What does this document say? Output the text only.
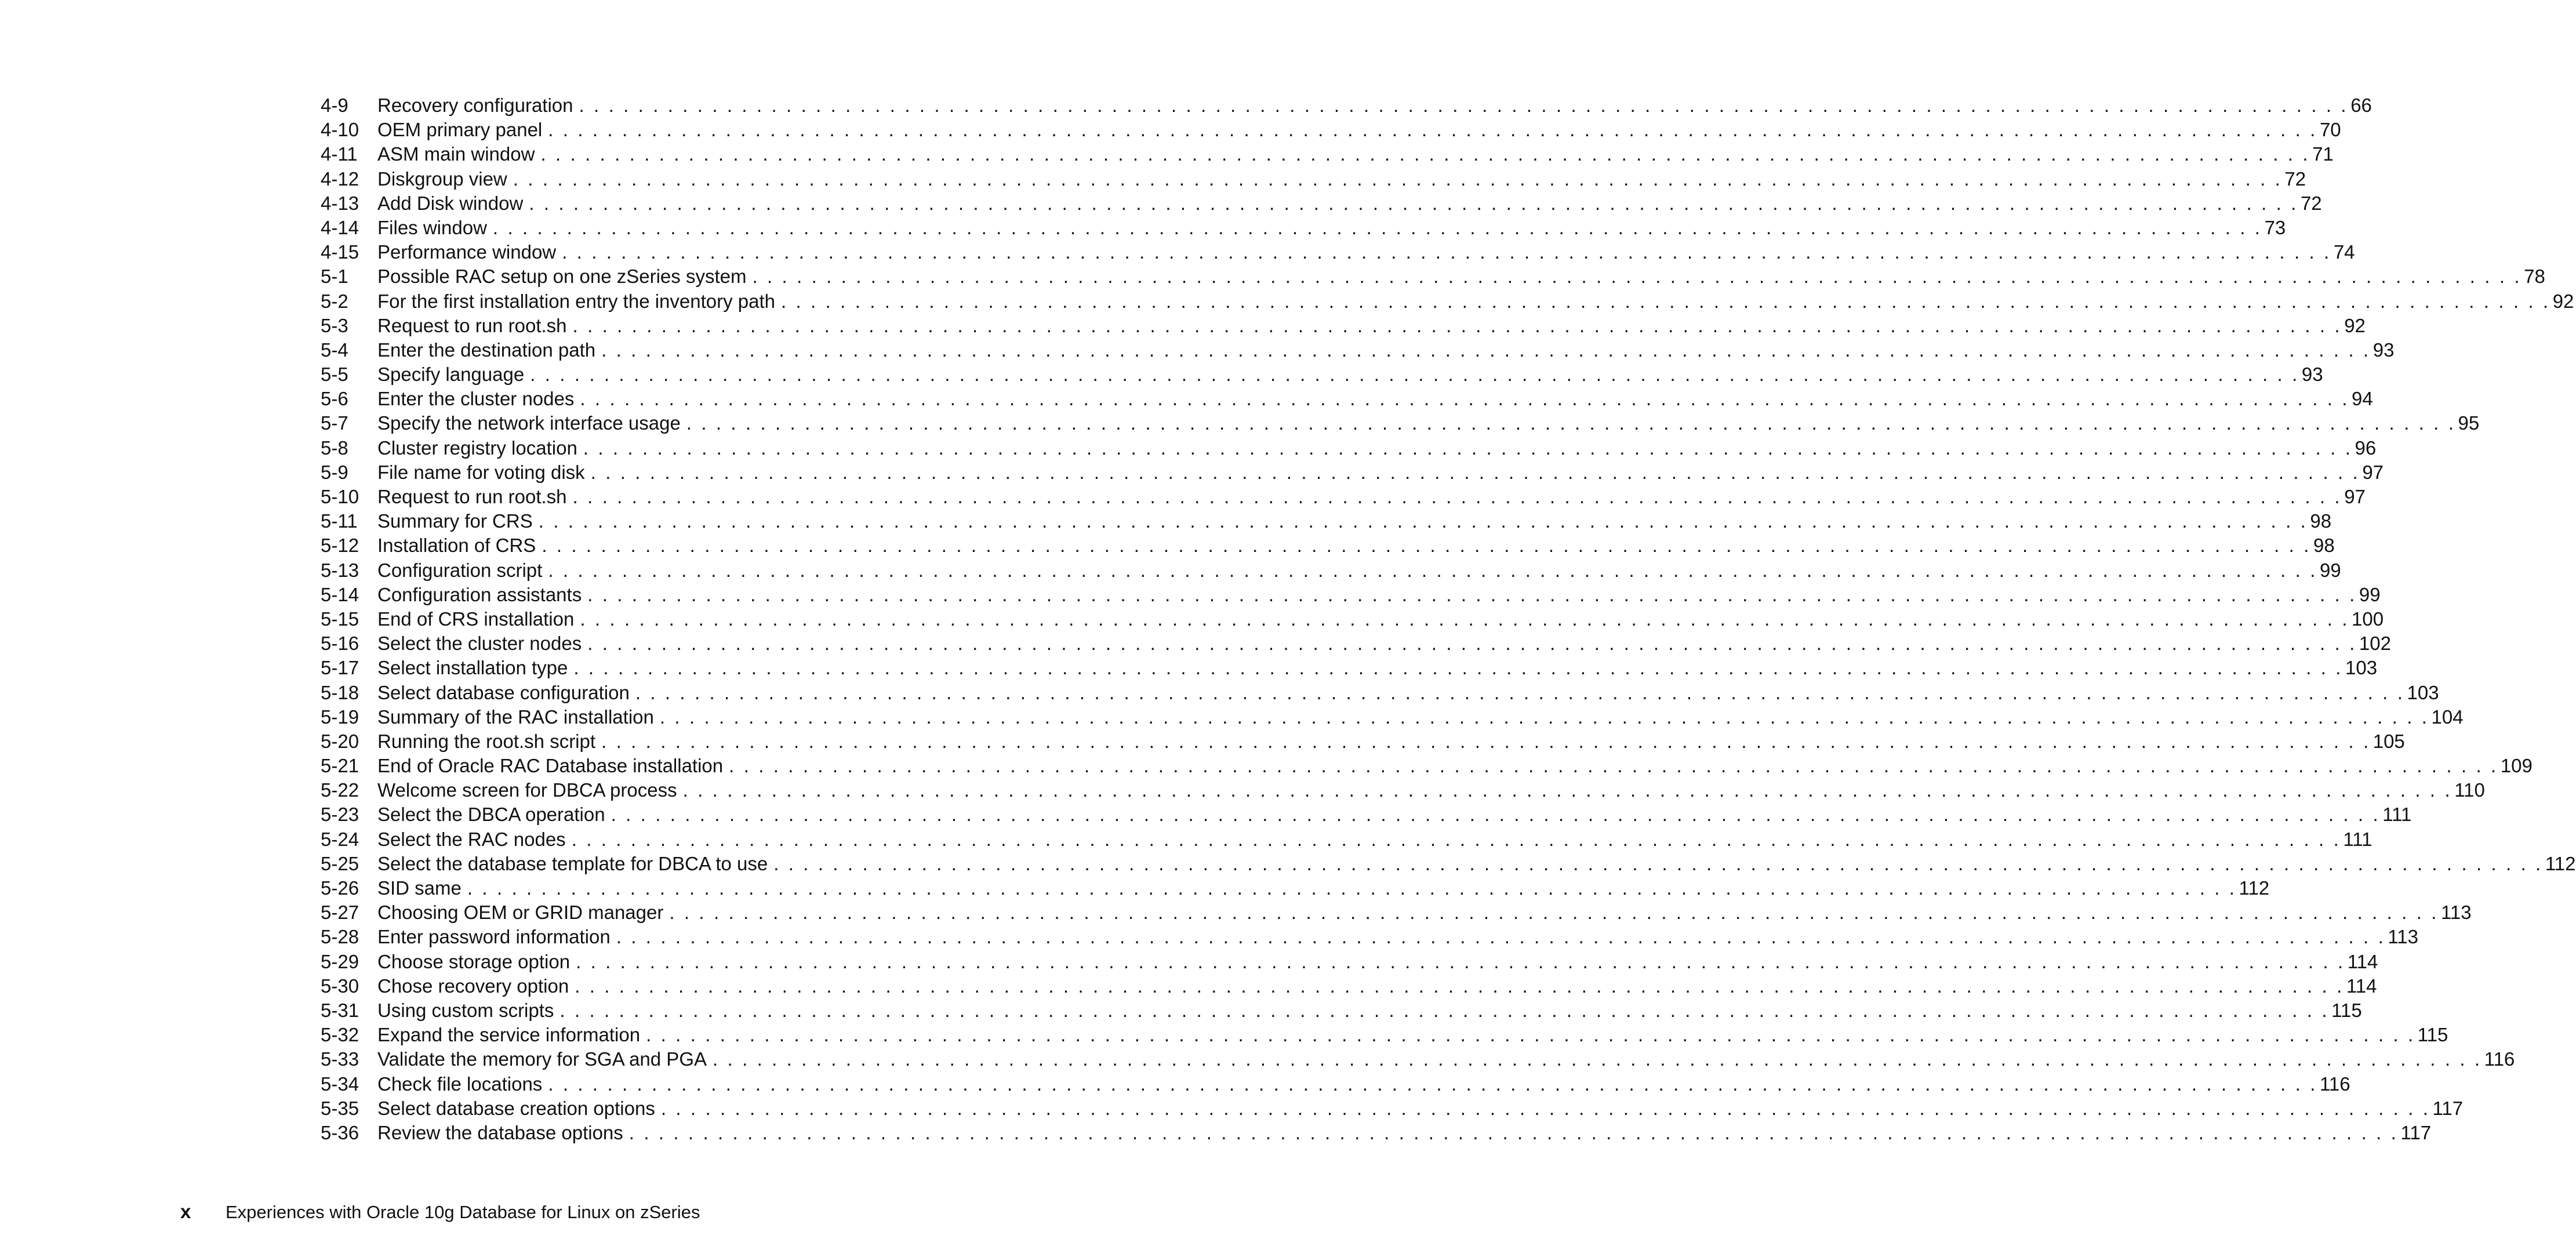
4-9	Recovery configuration . . . . . . . . . . . . . . . . . . . . . . . . . . . . . . . . . . . . . . . . . . . . . . . . . . . . . . . . . . . . . . . . . . . . . . . . . . . . . . . . . . . . . . . . . . . . . . . . . . . . . . . . . . . . . . . . . . . . . . . . 66
4-10 OEM primary panel . . . . . . . . . . . . . . . . . . . . . . . . . . . . . . . . . . . . . . . . . . . . . . . . . . . . . . . . . . . . . . . . . . . . . . . . . . . . . . . . . . . . . . . . . . . . . . . . . . . . . . . . . . . . . . . . . . . . . . . . 70
4-11	ASM main window . . . . . . . . . . . . . . . . . . . . . . . . . . . . . . . . . . . . . . . . . . . . . . . . . . . . . . . . . . . . . . . . . . . . . . . . . . . . . . . . . . . . . . . . . . . . . . . . . . . . . . . . . . . . . . . . . . . . . . . . 71
4-12 Diskgroup view . . . . . . . . . . . . . . . . . . . . . . . . . . . . . . . . . . . . . . . . . . . . . . . . . . . . . . . . . . . . . . . . . . . . . . . . . . . . . . . . . . . . . . . . . . . . . . . . . . . . . . . . . . . . . . . . . . . . . . . . 72
4-13 Add Disk window . . . . . . . . . . . . . . . . . . . . . . . . . . . . . . . . . . . . . . . . . . . . . . . . . . . . . . . . . . . . . . . . . . . . . . . . . . . . . . . . . . . . . . . . . . . . . . . . . . . . . . . . . . . . . . . . . . . . . . . . 72
4-14 Files window . . . . . . . . . . . . . . . . . . . . . . . . . . . . . . . . . . . . . . . . . . . . . . . . . . . . . . . . . . . . . . . . . . . . . . . . . . . . . . . . . . . . . . . . . . . . . . . . . . . . . . . . . . . . . . . . . . . . . . . . 73
4-15 Performance window . . . . . . . . . . . . . . . . . . . . . . . . . . . . . . . . . . . . . . . . . . . . . . . . . . . . . . . . . . . . . . . . . . . . . . . . . . . . . . . . . . . . . . . . . . . . . . . . . . . . . . . . . . . . . . . . . . . . . . . . 74
5-1	Possible RAC setup on one zSeries system . . . . . . . . . . . . . . . . . . . . . . . . . . . . . . . . . . . . . . . . . . . . . . . . . . . . . . . . . . . . . . . . . . . . . . . . . . . . . . . . . . . . . . . . . . . . . . . . . . . . . . . . . . . . . . . . . . . . . . . . 78
5-2	For the first installation entry the inventory path . . . . . . . . . . . . . . . . . . . . . . . . . . . . . . . . . . . . . . . . . . . . . . . . . . . . . . . . . . . . . . . . . . . . . . . . . . . . . . . . . . . . . . . . . . . . . . . . . . . . . . . . . . . . . . . . . . . . . . . . 92
5-3	Request to run root.sh . . . . . . . . . . . . . . . . . . . . . . . . . . . . . . . . . . . . . . . . . . . . . . . . . . . . . . . . . . . . . . . . . . . . . . . . . . . . . . . . . . . . . . . . . . . . . . . . . . . . . . . . . . . . . . . . . . . . . . . . 92
5-4	Enter the destination path . . . . . . . . . . . . . . . . . . . . . . . . . . . . . . . . . . . . . . . . . . . . . . . . . . . . . . . . . . . . . . . . . . . . . . . . . . . . . . . . . . . . . . . . . . . . . . . . . . . . . . . . . . . . . . . . . . . . . . . . 93
5-5	Specify language . . . . . . . . . . . . . . . . . . . . . . . . . . . . . . . . . . . . . . . . . . . . . . . . . . . . . . . . . . . . . . . . . . . . . . . . . . . . . . . . . . . . . . . . . . . . . . . . . . . . . . . . . . . . . . . . . . . . . . . . 93
5-6	Enter the cluster nodes . . . . . . . . . . . . . . . . . . . . . . . . . . . . . . . . . . . . . . . . . . . . . . . . . . . . . . . . . . . . . . . . . . . . . . . . . . . . . . . . . . . . . . . . . . . . . . . . . . . . . . . . . . . . . . . . . . . . . . . . 94
5-7	Specify the network interface usage . . . . . . . . . . . . . . . . . . . . . . . . . . . . . . . . . . . . . . . . . . . . . . . . . . . . . . . . . . . . . . . . . . . . . . . . . . . . . . . . . . . . . . . . . . . . . . . . . . . . . . . . . . . . . . . . . . . . . . . . 95
5-8	Cluster registry location . . . . . . . . . . . . . . . . . . . . . . . . . . . . . . . . . . . . . . . . . . . . . . . . . . . . . . . . . . . . . . . . . . . . . . . . . . . . . . . . . . . . . . . . . . . . . . . . . . . . . . . . . . . . . . . . . . . . . . . . 96
5-9	File name for voting disk . . . . . . . . . . . . . . . . . . . . . . . . . . . . . . . . . . . . . . . . . . . . . . . . . . . . . . . . . . . . . . . . . . . . . . . . . . . . . . . . . . . . . . . . . . . . . . . . . . . . . . . . . . . . . . . . . . . . . . . . 97
5-10 Request to run root.sh . . . . . . . . . . . . . . . . . . . . . . . . . . . . . . . . . . . . . . . . . . . . . . . . . . . . . . . . . . . . . . . . . . . . . . . . . . . . . . . . . . . . . . . . . . . . . . . . . . . . . . . . . . . . . . . . . . . . . . . . 97
5-11	Summary for CRS . . . . . . . . . . . . . . . . . . . . . . . . . . . . . . . . . . . . . . . . . . . . . . . . . . . . . . . . . . . . . . . . . . . . . . . . . . . . . . . . . . . . . . . . . . . . . . . . . . . . . . . . . . . . . . . . . . . . . . . . 98
5-12 Installation of CRS . . . . . . . . . . . . . . . . . . . . . . . . . . . . . . . . . . . . . . . . . . . . . . . . . . . . . . . . . . . . . . . . . . . . . . . . . . . . . . . . . . . . . . . . . . . . . . . . . . . . . . . . . . . . . . . . . . . . . . . . 98
5-13 Configuration script . . . . . . . . . . . . . . . . . . . . . . . . . . . . . . . . . . . . . . . . . . . . . . . . . . . . . . . . . . . . . . . . . . . . . . . . . . . . . . . . . . . . . . . . . . . . . . . . . . . . . . . . . . . . . . . . . . . . . . . . 99
5-14 Configuration assistants . . . . . . . . . . . . . . . . . . . . . . . . . . . . . . . . . . . . . . . . . . . . . . . . . . . . . . . . . . . . . . . . . . . . . . . . . . . . . . . . . . . . . . . . . . . . . . . . . . . . . . . . . . . . . . . . . . . . . . . . 99
5-15 End of CRS installation . . . . . . . . . . . . . . . . . . . . . . . . . . . . . . . . . . . . . . . . . . . . . . . . . . . . . . . . . . . . . . . . . . . . . . . . . . . . . . . . . . . . . . . . . . . . . . . . . . . . . . . . . . . . . . . . . . . . . . . . 100
5-16 Select the cluster nodes . . . . . . . . . . . . . . . . . . . . . . . . . . . . . . . . . . . . . . . . . . . . . . . . . . . . . . . . . . . . . . . . . . . . . . . . . . . . . . . . . . . . . . . . . . . . . . . . . . . . . . . . . . . . . . . . . . . . . . . . 102
5-17 Select installation type . . . . . . . . . . . . . . . . . . . . . . . . . . . . . . . . . . . . . . . . . . . . . . . . . . . . . . . . . . . . . . . . . . . . . . . . . . . . . . . . . . . . . . . . . . . . . . . . . . . . . . . . . . . . . . . . . . . . . . . . 103
5-18 Select database configuration . . . . . . . . . . . . . . . . . . . . . . . . . . . . . . . . . . . . . . . . . . . . . . . . . . . . . . . . . . . . . . . . . . . . . . . . . . . . . . . . . . . . . . . . . . . . . . . . . . . . . . . . . . . . . . . . . . . . . . . . 103
5-19 Summary of the RAC installation . . . . . . . . . . . . . . . . . . . . . . . . . . . . . . . . . . . . . . . . . . . . . . . . . . . . . . . . . . . . . . . . . . . . . . . . . . . . . . . . . . . . . . . . . . . . . . . . . . . . . . . . . . . . . . . . . . . . . . . . 104
5-20 Running the root.sh script . . . . . . . . . . . . . . . . . . . . . . . . . . . . . . . . . . . . . . . . . . . . . . . . . . . . . . . . . . . . . . . . . . . . . . . . . . . . . . . . . . . . . . . . . . . . . . . . . . . . . . . . . . . . . . . . . . . . . . . . 105
5-21 End of Oracle RAC Database installation . . . . . . . . . . . . . . . . . . . . . . . . . . . . . . . . . . . . . . . . . . . . . . . . . . . . . . . . . . . . . . . . . . . . . . . . . . . . . . . . . . . . . . . . . . . . . . . . . . . . . . . . . . . . . . . . . . . . . . . . 109
5-22 Welcome screen for DBCA process . . . . . . . . . . . . . . . . . . . . . . . . . . . . . . . . . . . . . . . . . . . . . . . . . . . . . . . . . . . . . . . . . . . . . . . . . . . . . . . . . . . . . . . . . . . . . . . . . . . . . . . . . . . . . . . . . . . . . . . . 110
5-23 Select the DBCA operation . . . . . . . . . . . . . . . . . . . . . . . . . . . . . . . . . . . . . . . . . . . . . . . . . . . . . . . . . . . . . . . . . . . . . . . . . . . . . . . . . . . . . . . . . . . . . . . . . . . . . . . . . . . . . . . . . . . . . . . . 111
5-24 Select the RAC nodes . . . . . . . . . . . . . . . . . . . . . . . . . . . . . . . . . . . . . . . . . . . . . . . . . . . . . . . . . . . . . . . . . . . . . . . . . . . . . . . . . . . . . . . . . . . . . . . . . . . . . . . . . . . . . . . . . . . . . . . . 111
5-25 Select the database template for DBCA to use . . . . . . . . . . . . . . . . . . . . . . . . . . . . . . . . . . . . . . . . . . . . . . . . . . . . . . . . . . . . . . . . . . . . . . . . . . . . . . . . . . . . . . . . . . . . . . . . . . . . . . . . . . . . . . . . . . . . . . . . 112
5-26 SID same . . . . . . . . . . . . . . . . . . . . . . . . . . . . . . . . . . . . . . . . . . . . . . . . . . . . . . . . . . . . . . . . . . . . . . . . . . . . . . . . . . . . . . . . . . . . . . . . . . . . . . . . . . . . . . . . . . . . . . . . 112
5-27 Choosing OEM or GRID manager . . . . . . . . . . . . . . . . . . . . . . . . . . . . . . . . . . . . . . . . . . . . . . . . . . . . . . . . . . . . . . . . . . . . . . . . . . . . . . . . . . . . . . . . . . . . . . . . . . . . . . . . . . . . . . . . . . . . . . . . 113
5-28 Enter password information . . . . . . . . . . . . . . . . . . . . . . . . . . . . . . . . . . . . . . . . . . . . . . . . . . . . . . . . . . . . . . . . . . . . . . . . . . . . . . . . . . . . . . . . . . . . . . . . . . . . . . . . . . . . . . . . . . . . . . . . 113
5-29 Choose storage option . . . . . . . . . . . . . . . . . . . . . . . . . . . . . . . . . . . . . . . . . . . . . . . . . . . . . . . . . . . . . . . . . . . . . . . . . . . . . . . . . . . . . . . . . . . . . . . . . . . . . . . . . . . . . . . . . . . . . . . . 114
5-30 Chose recovery option . . . . . . . . . . . . . . . . . . . . . . . . . . . . . . . . . . . . . . . . . . . . . . . . . . . . . . . . . . . . . . . . . . . . . . . . . . . . . . . . . . . . . . . . . . . . . . . . . . . . . . . . . . . . . . . . . . . . . . . . 114
5-31 Using custom scripts . . . . . . . . . . . . . . . . . . . . . . . . . . . . . . . . . . . . . . . . . . . . . . . . . . . . . . . . . . . . . . . . . . . . . . . . . . . . . . . . . . . . . . . . . . . . . . . . . . . . . . . . . . . . . . . . . . . . . . . . 115
5-32 Expand the service information . . . . . . . . . . . . . . . . . . . . . . . . . . . . . . . . . . . . . . . . . . . . . . . . . . . . . . . . . . . . . . . . . . . . . . . . . . . . . . . . . . . . . . . . . . . . . . . . . . . . . . . . . . . . . . . . . . . . . . . . 115
5-33 Validate the memory for SGA and PGA . . . . . . . . . . . . . . . . . . . . . . . . . . . . . . . . . . . . . . . . . . . . . . . . . . . . . . . . . . . . . . . . . . . . . . . . . . . . . . . . . . . . . . . . . . . . . . . . . . . . . . . . . . . . . . . . . . . . . . . . 116
5-34 Check file locations . . . . . . . . . . . . . . . . . . . . . . . . . . . . . . . . . . . . . . . . . . . . . . . . . . . . . . . . . . . . . . . . . . . . . . . . . . . . . . . . . . . . . . . . . . . . . . . . . . . . . . . . . . . . . . . . . . . . . . . . 116
5-35 Select database creation options . . . . . . . . . . . . . . . . . . . . . . . . . . . . . . . . . . . . . . . . . . . . . . . . . . . . . . . . . . . . . . . . . . . . . . . . . . . . . . . . . . . . . . . . . . . . . . . . . . . . . . . . . . . . . . . . . . . . . . . . 117
5-36 Review the database options . . . . . . . . . . . . . . . . . . . . . . . . . . . . . . . . . . . . . . . . . . . . . . . . . . . . . . . . . . . . . . . . . . . . . . . . . . . . . . . . . . . . . . . . . . . . . . . . . . . . . . . . . . . . . . . . . . . . . . . . 117
x Experiences with Oracle 10g Database for Linux on zSeries
